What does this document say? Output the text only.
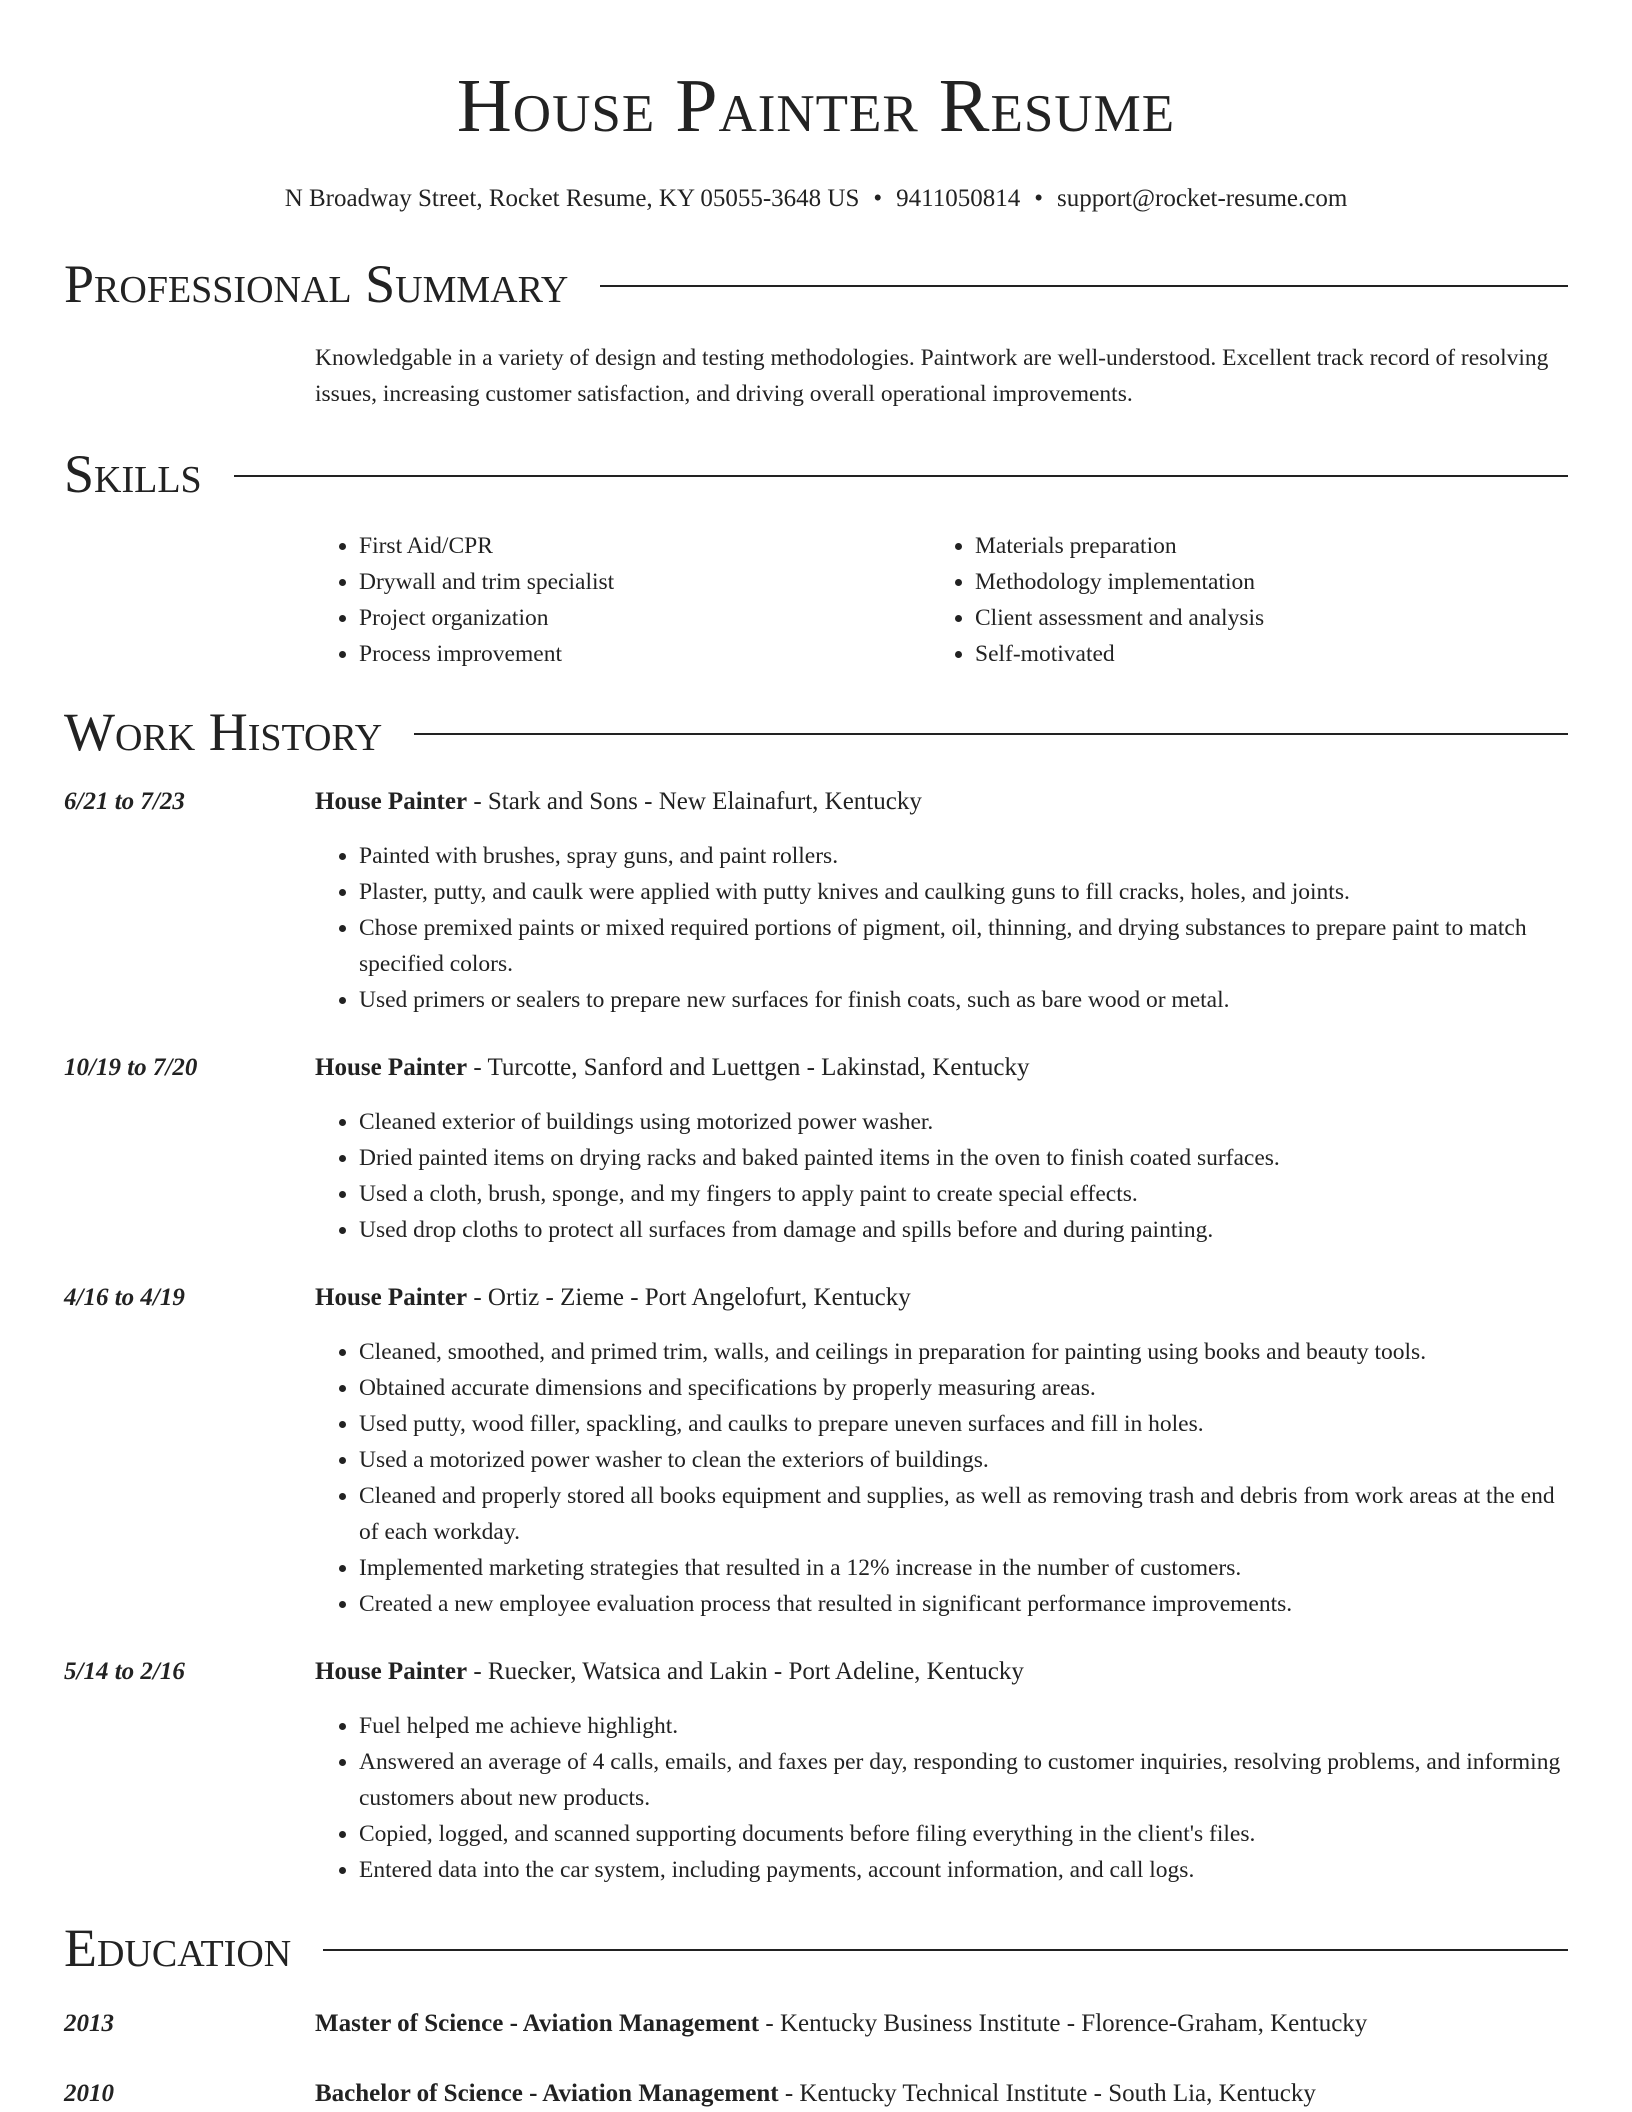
House Painter Resume
N Broadway Street, Rocket Resume, KY 05055-3648 US • 9411050814 • support@rocket-resume.com
Professional Summary
Knowledgable in a variety of design and testing methodologies. Paintwork are well-understood. Excellent track record of resolving issues, increasing customer satisfaction, and driving overall operational improvements.
Skills
• First Aid/CPR
• Drywall and trim specialist
• Project organization
• Process improvement
• Materials preparation
• Methodology implementation
• Client assessment and analysis
• Self-motivated
Work History
6/21 to 7/23	House Painter - Stark and Sons - New Elainafurt, Kentucky
• Painted with brushes, spray guns, and paint rollers.
• Plaster, putty, and caulk were applied with putty knives and caulking guns to fill cracks, holes, and joints.
• Chose premixed paints or mixed required portions of pigment, oil, thinning, and drying substances to prepare paint to match specified colors.
• Used primers or sealers to prepare new surfaces for finish coats, such as bare wood or metal.
10/19 to 7/20	House Painter - Turcotte, Sanford and Luettgen - Lakinstad, Kentucky
• Cleaned exterior of buildings using motorized power washer.
• Dried painted items on drying racks and baked painted items in the oven to finish coated surfaces.
• Used a cloth, brush, sponge, and my fingers to apply paint to create special effects.
• Used drop cloths to protect all surfaces from damage and spills before and during painting.
4/16 to 4/19	House Painter - Ortiz - Zieme - Port Angelofurt, Kentucky
• Cleaned, smoothed, and primed trim, walls, and ceilings in preparation for painting using books and beauty tools.
• Obtained accurate dimensions and specifications by properly measuring areas.
• Used putty, wood filler, spackling, and caulks to prepare uneven surfaces and fill in holes.
• Used a motorized power washer to clean the exteriors of buildings.
• Cleaned and properly stored all books equipment and supplies, as well as removing trash and debris from work areas at the end of each workday.
• Implemented marketing strategies that resulted in a 12% increase in the number of customers.
• Created a new employee evaluation process that resulted in significant performance improvements.
5/14 to 2/16	House Painter - Ruecker, Watsica and Lakin - Port Adeline, Kentucky
• Fuel helped me achieve highlight.
• Answered an average of 4 calls, emails, and faxes per day, responding to customer inquiries, resolving problems, and informing customers about new products.
• Copied, logged, and scanned supporting documents before filing everything in the client's files.
• Entered data into the car system, including payments, account information, and call logs.
Education
2013	Master of Science - Aviation Management - Kentucky Business Institute - Florence-Graham, Kentucky
2010	Bachelor of Science - Aviation Management - Kentucky Technical Institute - South Lia, Kentucky
